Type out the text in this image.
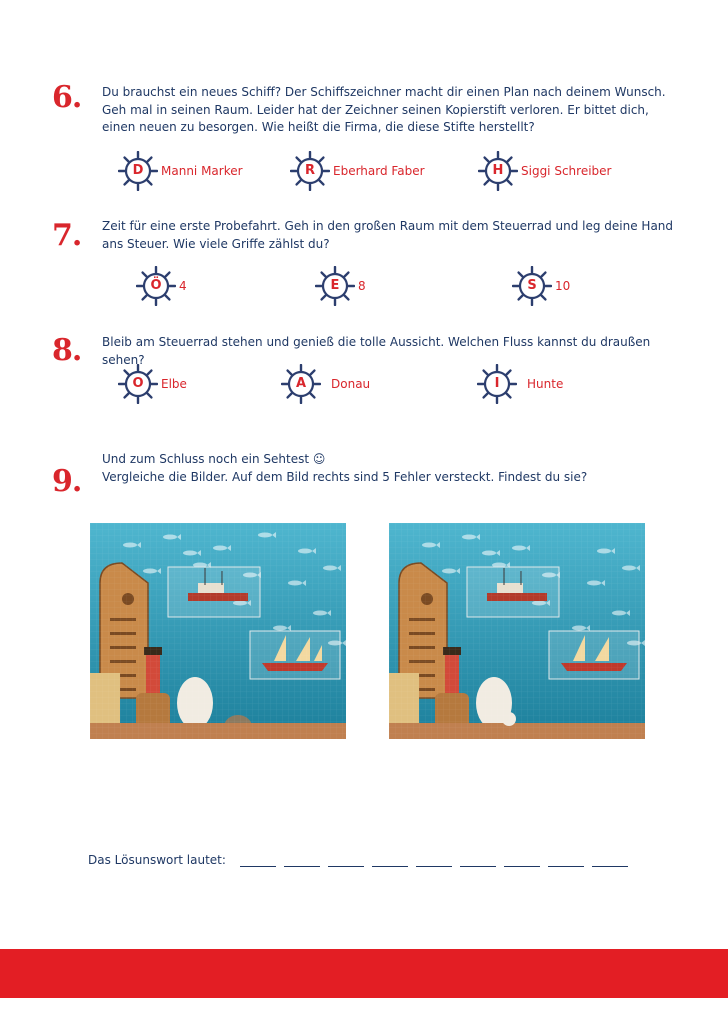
6. Du brauchst ein neues Schiff? Der Schiffszeichner macht dir einen Plan nach deinem Wunsch. Geh mal in seinen Raum. Leider hat der Zeichner seinen Kopierstift verloren. Er bittet dich, einen neuen zu besorgen. Wie heißt die Firma, die diese Stifte herstellt?
D	Manni Marker	R	Eberhard Faber	H	Siggi Schreiber
7. Zeit für eine erste Probefahrt. Geh in den großen Raum mit dem Steuerrad und leg deine Hand ans Steuer. Wie viele Griffe zählst du?
Ö	4	E	8	S	10
8. Bleib am Steuerrad stehen und genieß die tolle Aussicht. Welchen Fluss kannst du draußen sehen?
O	Elbe	A	Donau	I	Hunte
9.
Und zum Schluss noch ein Sehtest ☺
Vergleiche die Bilder. Auf dem Bild rechts sind 5 Fehler versteckt. Findest du sie?
Das Lösunswort lautet:
